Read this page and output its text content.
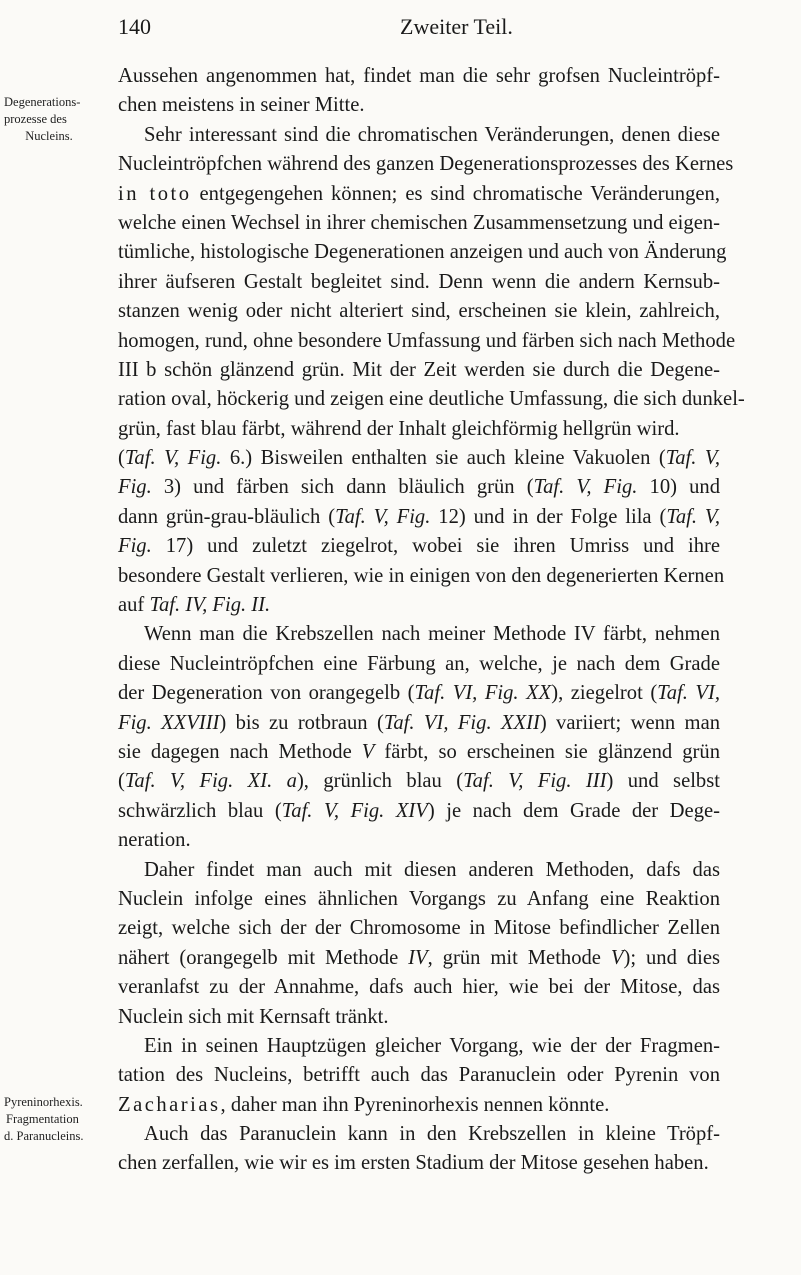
140	Zweiter Teil.
Degenerations-
prozesse des
Nucleins.
Pyreninorhexis.
Fragmentation
d. Paranucleins.
Aussehen angenommen hat, findet man die sehr grofsen Nucleintröpf-
chen meistens in seiner Mitte.
Sehr interessant sind die chromatischen Veränderungen, denen diese
Nucleintröpfchen während des ganzen Degenerationsprozesses des Kernes
in toto entgegengehen können; es sind chromatische Veränderungen,
welche einen Wechsel in ihrer chemischen Zusammensetzung und eigen-
tümliche, histologische Degenerationen anzeigen und auch von Änderung
ihrer äufseren Gestalt begleitet sind. Denn wenn die andern Kernsub-
stanzen wenig oder nicht alteriert sind, erscheinen sie klein, zahlreich,
homogen, rund, ohne besondere Umfassung und färben sich nach Methode
III b schön glänzend grün. Mit der Zeit werden sie durch die Degene-
ration oval, höckerig und zeigen eine deutliche Umfassung, die sich dunkel-
grün, fast blau färbt, während der Inhalt gleichförmig hellgrün wird.
(Taf. V, Fig. 6.) Bisweilen enthalten sie auch kleine Vakuolen (Taf. V,
Fig. 3) und färben sich dann bläulich grün (Taf. V, Fig. 10) und
dann grün-grau-bläulich (Taf. V, Fig. 12) und in der Folge lila (Taf. V,
Fig. 17) und zuletzt ziegelrot, wobei sie ihren Umriss und ihre
besondere Gestalt verlieren, wie in einigen von den degenerierten Kernen
auf Taf. IV, Fig. II.
Wenn man die Krebszellen nach meiner Methode IV färbt, nehmen
diese Nucleintröpfchen eine Färbung an, welche, je nach dem Grade
der Degeneration von orangegelb (Taf. VI, Fig. XX), ziegelrot (Taf. VI,
Fig. XXVIII) bis zu rotbraun (Taf. VI, Fig. XXII) variiert; wenn man
sie dagegen nach Methode V färbt, so erscheinen sie glänzend grün
(Taf. V, Fig. XI. a), grünlich blau (Taf. V, Fig. III) und selbst
schwärzlich blau (Taf. V, Fig. XIV) je nach dem Grade der Dege-
neration.
Daher findet man auch mit diesen anderen Methoden, dafs das
Nuclein infolge eines ähnlichen Vorgangs zu Anfang eine Reaktion
zeigt, welche sich der der Chromosome in Mitose befindlicher Zellen
nähert (orangegelb mit Methode IV, grün mit Methode V); und dies
veranlafst zu der Annahme, dafs auch hier, wie bei der Mitose, das
Nuclein sich mit Kernsaft tränkt.
Ein in seinen Hauptzügen gleicher Vorgang, wie der der Fragmen-
tation des Nucleins, betrifft auch das Paranuclein oder Pyrenin von
Zacharias, daher man ihn Pyreninorhexis nennen könnte.
Auch das Paranuclein kann in den Krebszellen in kleine Tröpf-
chen zerfallen, wie wir es im ersten Stadium der Mitose gesehen haben.
